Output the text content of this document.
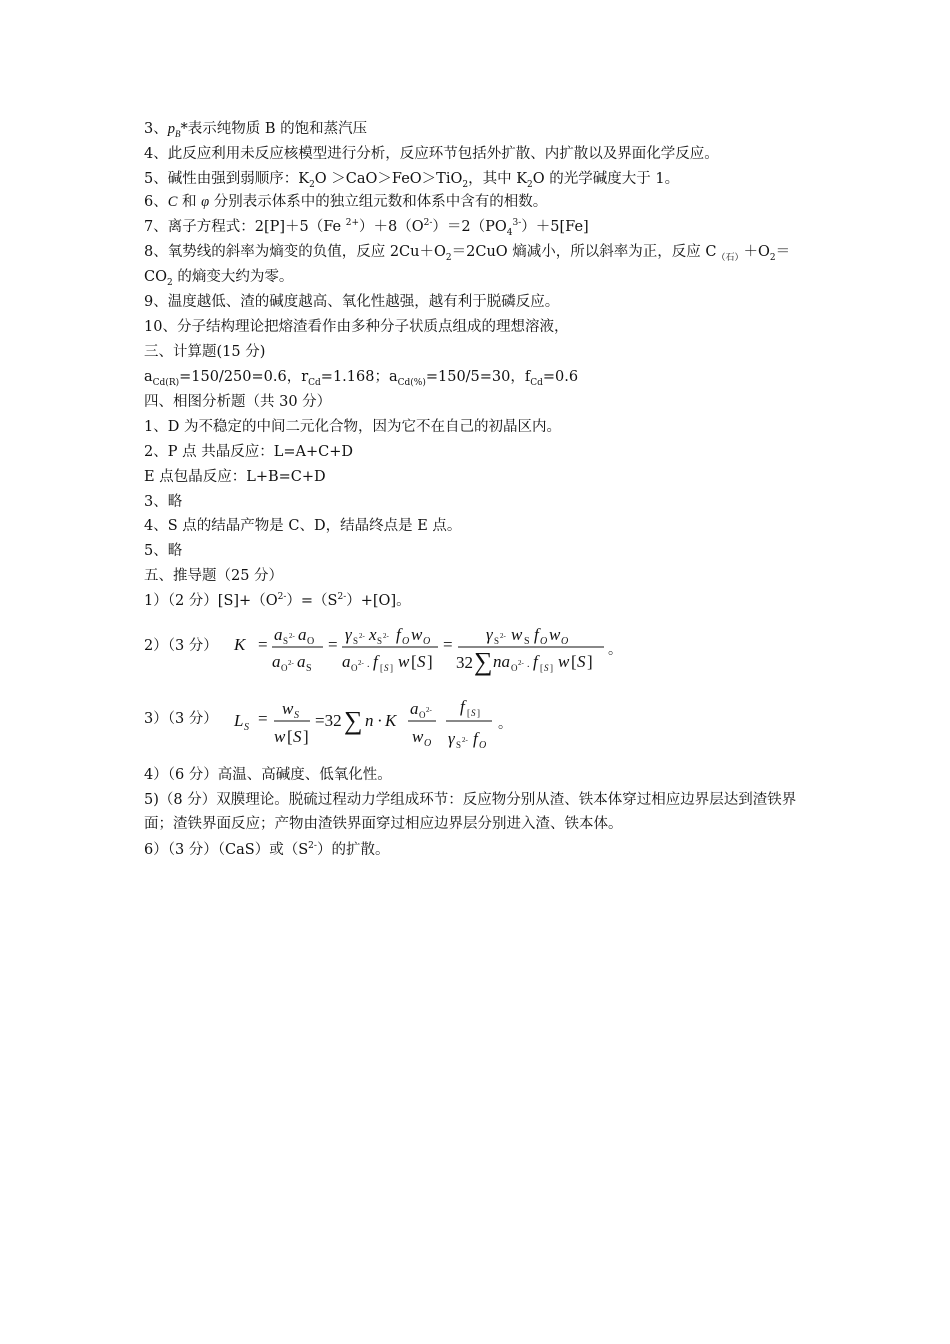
3、$p_B*$表示纯物质 B 的饱和蒸汽压
4、此反应利用未反应核模型进行分析，反应环节包括外扩散、内扩散以及界面化学反应。
5、碱性由强到弱顺序：$K_2O >CaO>FeO>TiO_2$，其中 $K_2O$ 的光学碱度大于 1。
6、C 和 φ 分别表示体系中的独立组元数和体系中含有的相数。
7、离子方程式：2[P]＋5（Fe $^{2+})+8(O^{2-})=2(PO_4^{3-})+5[Fe]$
8、氧势线的斜率为熵变的负值，反应 $2Cu+O_2=2CuO$ 熵减小，所以斜率为正，反应 $C_{(石)}+O_2=$
$CO_2$ 的熵变大约为零。
9、温度越低、渣的碱度越高、氧化性越强，越有利于脱磷反应。
10、分子结构理论把熔渣看作由多种分子状质点组成的理想溶液，
三、计算题(15 分)
$a_{Cd(R)}=150/250=0.6$，$r_{Cd}=1.168$；$a_{Cd(\%)}=150/5=30$，$f_{Cd}=0.6$
四、相图分析题（共 30 分）
1、D 为不稳定的中间二元化合物，因为它不在自己的初晶区内。
2、P 点 共晶反应：L=A+C+D
E 点包晶反应：L+B=C+D
3、略
4、S 点的结晶产物是 C、D，结晶终点是 E 点。
5、略
五、推导题（25 分）
1）（2 分）$[S]+(O^{2-})=(S^{2-})+[O]$。
2）（3 分） K =
a S 2- a O
a O 2- a S
=
γ S 2- x S 2- f O w O
a O 2- . f [ S ] w [ S ]
=
γ S 2- w S f O w O
32 ∑ na O 2- . f [ S ] w [ S ]
。
3）（3 分） L S =
w S
w [ S ]
=32 ∑ n · K
a O 2-
w O
f [ S ]
γ S 2- f O
。
4）（6 分）高温、高碱度、低氧化性。
5)（8 分）双膜理论。脱硫过程动力学组成环节：反应物分别从渣、铁本体穿过相应边界层达到渣铁界面；渣铁界面反应；产物由渣铁界面穿过相应边界层分别进入渣、铁本体。
6）（3 分）（CaS）或$(S^{2-})$的扩散。
